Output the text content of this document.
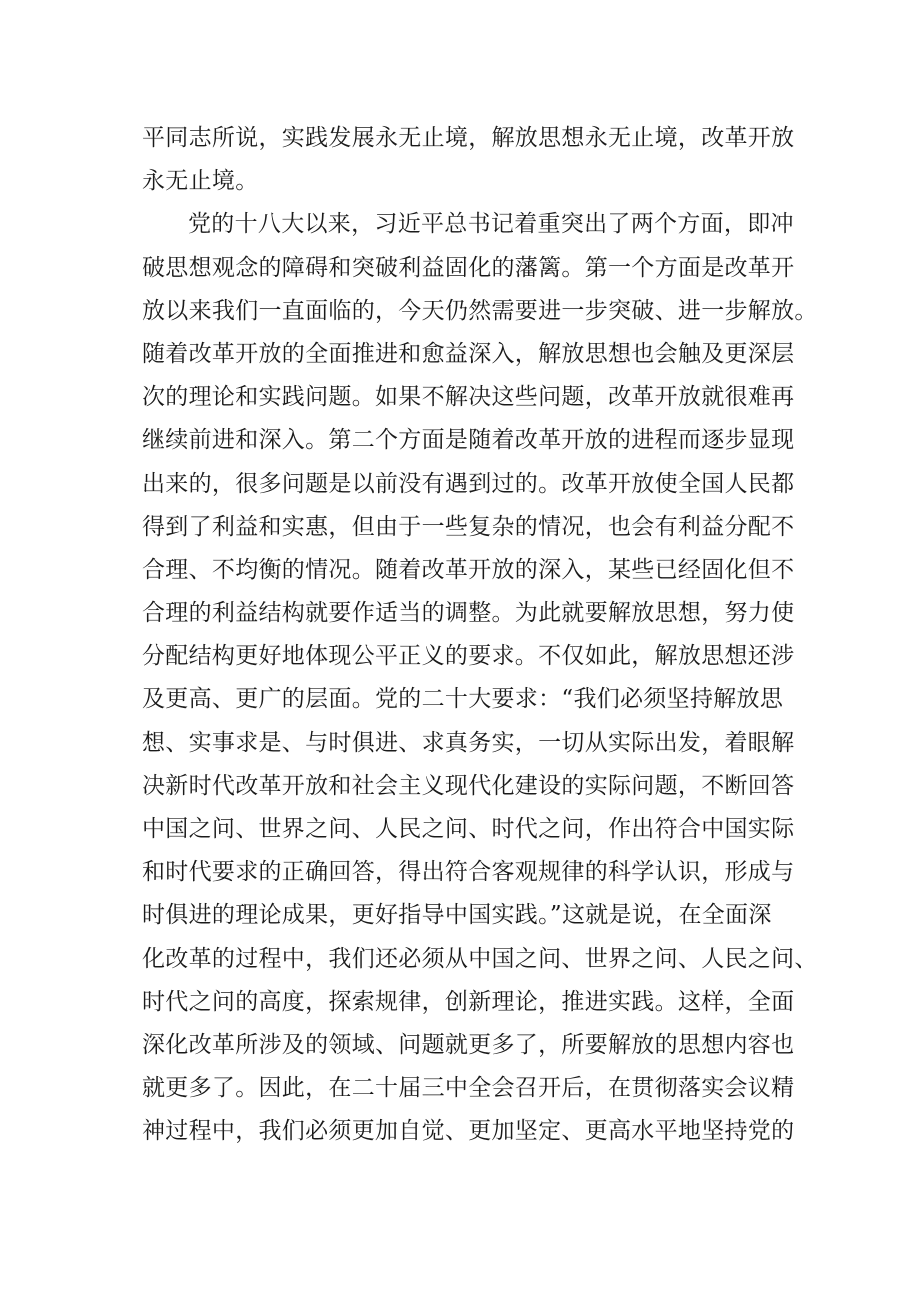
平同志所说，实践发展永无止境，解放思想永无止境，改革开放
永无止境。
党的十八大以来，习近平总书记着重突出了两个方面，即冲
破思想观念的障碍和突破利益固化的藩篱。第一个方面是改革开
放以来我们一直面临的，今天仍然需要进一步突破、进一步解放。
随着改革开放的全面推进和愈益深入，解放思想也会触及更深层
次的理论和实践问题。如果不解决这些问题，改革开放就很难再
继续前进和深入。第二个方面是随着改革开放的进程而逐步显现
出来的，很多问题是以前没有遇到过的。改革开放使全国人民都
得到了利益和实惠，但由于一些复杂的情况，也会有利益分配不
合理、不均衡的情况。随着改革开放的深入，某些已经固化但不
合理的利益结构就要作适当的调整。为此就要解放思想，努力使
分配结构更好地体现公平正义的要求。不仅如此，解放思想还涉
及更高、更广的层面。党的二十大要求：“我们必须坚持解放思
想、实事求是、与时俱进、求真务实，一切从实际出发，着眼解
决新时代改革开放和社会主义现代化建设的实际问题，不断回答
中国之问、世界之问、人民之问、时代之问，作出符合中国实际
和时代要求的正确回答，得出符合客观规律的科学认识，形成与
时俱进的理论成果，更好指导中国实践。”这就是说，在全面深
化改革的过程中，我们还必须从中国之问、世界之问、人民之问、
时代之问的高度，探索规律，创新理论，推进实践。这样，全面
深化改革所涉及的领域、问题就更多了，所要解放的思想内容也
就更多了。因此，在二十届三中全会召开后，在贯彻落实会议精
神过程中，我们必须更加自觉、更加坚定、更高水平地坚持党的
